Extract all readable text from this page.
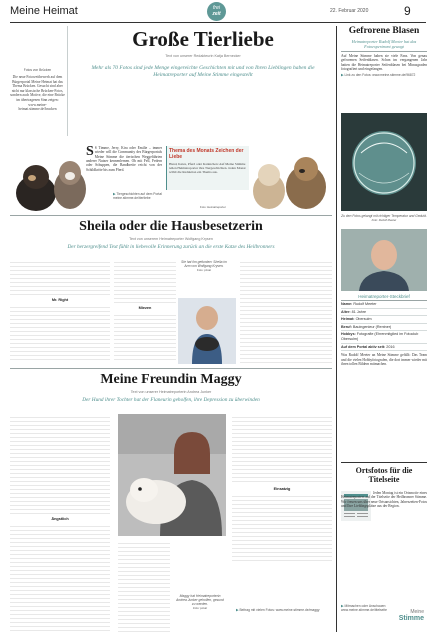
Meine Heimat	frei
zeit	22. Februar 2020	9
Fotos von Brücken
Die neue Fotowettbewerb auf dem Bürgerportal Meine Heimat hat das Thema Brücken. Gesucht sind aber nicht nur klassische Brücken-Fotos, sondern auch Motive, die eine Brücke im übertragenen Sinn zeigen: www.meine-heimat.stimme.de/brucken
Große Tierliebe
Text von unserer Redakteurin Katja Bernecker
Mehr als 70 Fotos sind jede Menge eingereichte Geschichten mit und von Ihren Lieblingen haben die Heimatreporter auf Meine Stimme eingestellt
S S Timme, Jerry, Kira oder Emilie – immer wieder will die Community des Bürgerportals Meine Stimme die tierischen Weggefährten anderer Nutzer kennenlernen. Ob mit Fell, Federn oder Schuppen, die Bandbreite reicht von der Schildkröte bis zum Pferd.
Thema des Monats Zeichen der Liebe
Hund, Katze, Pferd oder Kaninchen: Auf Meine Stimme teilen Heimatreporter ihre Tiergeschichten. Jeden Monat wählt die Redaktion ein Thema aus.
▶ Tiergeschichten auf dem Portal meine.stimme.de/tierliebe
Foto: Heimatreporter
Sheila oder die Hausbesetzerin
Text von unserem Heimatreporter Wolfgang Krysen
Der herzergreifend Text fühlt in liebevolle Erinnerung zurück an die erste Katze des Heilbronners
Mr. Right
Miezen
Sie hat ihn gefunden: Sheila im Arm von Wolfgang Krysen.
Foto: privat
Meine Freundin Maggy
Text von unserer Heimatreporterin Andrea Junker
Der Hund ihrer Tochter hat der Flaneurin geholfen, ihre Depression zu überwinden
Ängstlich
Maggy hat Heimatreporterin Andrea Junker geholfen, gesund zu werden.
Foto: privat
Einsatzig
▶ Beitrag mit vielen Fotos: www.meine.stimme.de/maggy
Gefrorene Blasen
Heimatreporter Rudolf Meeter hat das Fotoexperiment gewagt
Auf Meine Stimme haben sie viele Fans. Von genau gefrorenen Seifenblasen. Schon im vergangenen Jahr hatten die Heimatreporter Seifenblasen bei Minusgraden fotografiert und eingefangen.
▶ Link zu den Fotos: www.meine.stimme.de/96872
Zu den Fotos gelangt mit richtiger Temperatur und Geduld.
Foto: Rudolf Meeter
Heimatreporter-Steckbrief
Name: Rudolf Meeter
Alter: 81 Jahre
Heimat: Obersulm
Beruf: Bauingenieur (Rentner)
Hobbys: Fotografie (Ehrenmitglied im Fotoclub Obersulm)
Auf dem Portal aktiv seit: 2016
Was Rudolf Meeter an Meine Stimme gefällt: Das Team und die vielen Hobbyfotografen, die dort immer wieder mit ihren tollen Bildern mitmachen.
Ortsfotos für die Titelseite
Jeden Montag ist ein Ortsmotiv eines Heimatreporters auf der Titelseite der Heilbronner Stimme. Wir freuen uns über neue Ortsansichten, Jahreszeiten-Fotos und Ihre Lieblingsplätze aus der Region.
▶ Mitmachen oder Anschauen: www.meine.stimme.de/titelseite	Meine
Stimme
